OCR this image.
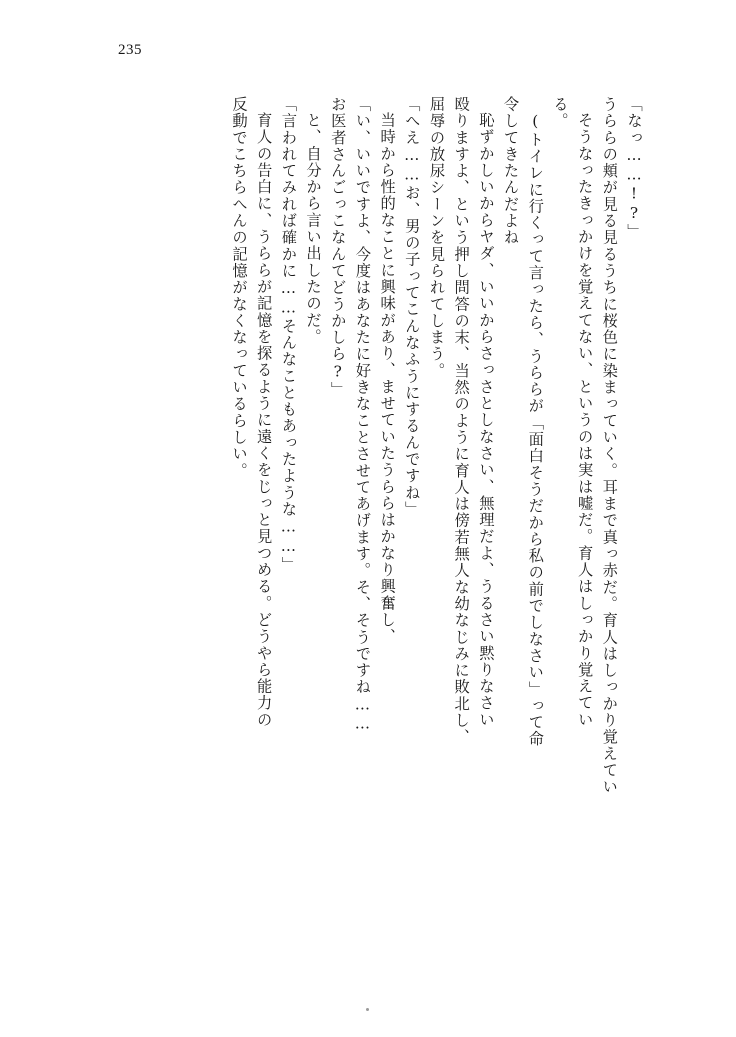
235
「なっ……!?」
うららの頬が見る見るうちに桜色に染まっていく。耳まで真っ赤だ。育人はしっかり覚えてい
そうなったきっかけを覚えてない、というのは実は嘘だ。育人はしっかり覚えてい
る。
(トイレに行くって言ったら、うららが「面白そうだから私の前でしなさい」って命
令してきたんだよね
恥ずかしいからヤダ、いいからさっさとしなさい、無理だよ、うるさい黙りなさい
殴りますよ、という押し問答の末、当然のように育人は傍若無人な幼なじみに敗北し、
屈辱の放尿シーンを見られてしまう。
「へえ……お、男の子ってこんなふうにするんですね」
当時から性的なことに興味があり、ませていたうららはかなり興奮し、
「い、いいですよ、今度はあなたに好きなことさせてあげます。そ、そうですね……
お医者さんごっこなんてどうかしら?」
と、自分から言い出したのだ。
「言われてみれば確かに……そんなこともあったような……」
育人の告白に、うららが記憶を探るように遠くをじっと見つめる。どうやら能力の
反動でこちらへんの記憶がなくなっているらしい。
